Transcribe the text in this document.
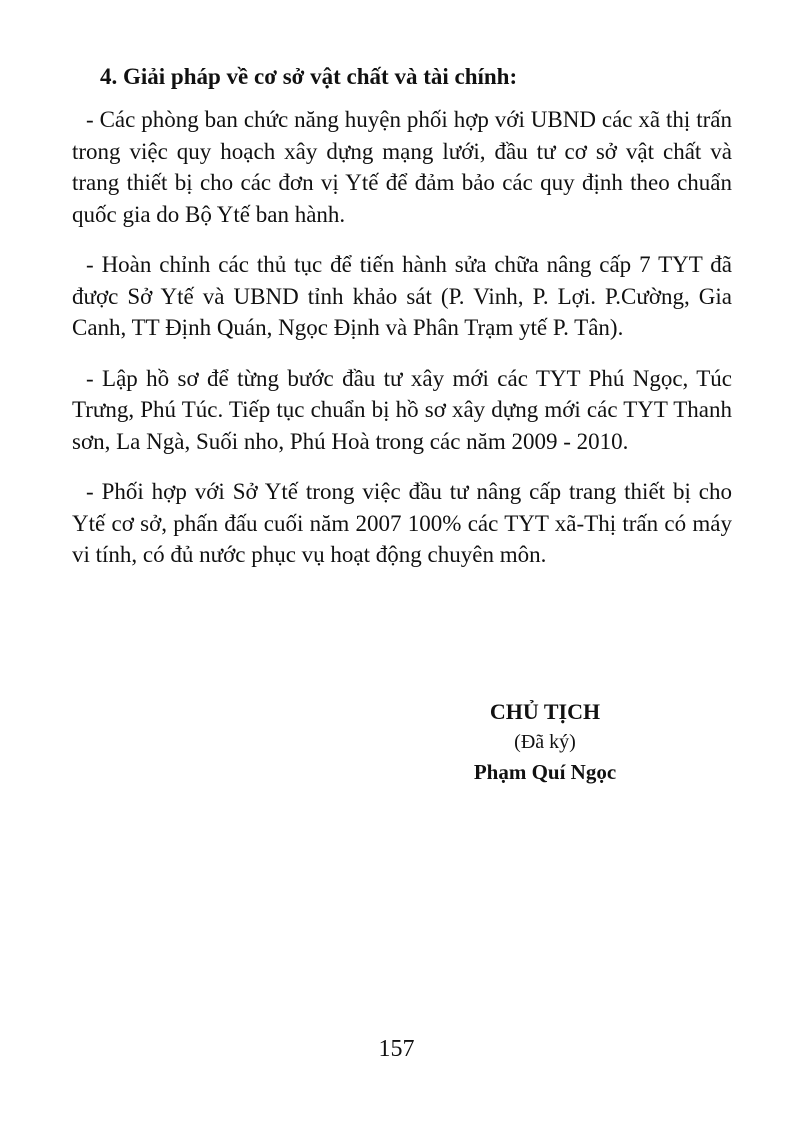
4. Giải pháp về cơ sở vật chất và tài chính:

- Các phòng ban chức năng huyện phối hợp với UBND các xã thị trấn trong việc quy hoạch xây dựng mạng lưới, đầu tư cơ sở vật chất và trang thiết bị cho các đơn vị Ytế để đảm bảo các quy định theo chuẩn quốc gia do Bộ Ytế ban hành.

- Hoàn chỉnh các thủ tục để tiến hành sửa chữa nâng cấp 7 TYT đã được Sở Ytế và UBND tỉnh khảo sát (P. Vinh, P. Lợi. P.Cường, Gia Canh, TT Định Quán, Ngọc Định và Phân Trạm ytế P. Tân).

- Lập hồ sơ để từng bước đầu tư xây mới các TYT Phú Ngọc, Túc Trưng, Phú Túc. Tiếp tục chuẩn bị hồ sơ xây dựng mới các TYT Thanh sơn, La Ngà, Suối nho, Phú Hoà trong các năm 2009 - 2010.

- Phối hợp với Sở Ytế trong việc đầu tư nâng cấp trang thiết bị cho Ytế cơ sở, phấn đấu cuối năm 2007 100% các TYT xã-Thị trấn có máy vi tính, có đủ nước phục vụ hoạt động chuyên môn.

CHỦ TỊCH
(Đã ký)
Phạm Quí Ngọc
157
